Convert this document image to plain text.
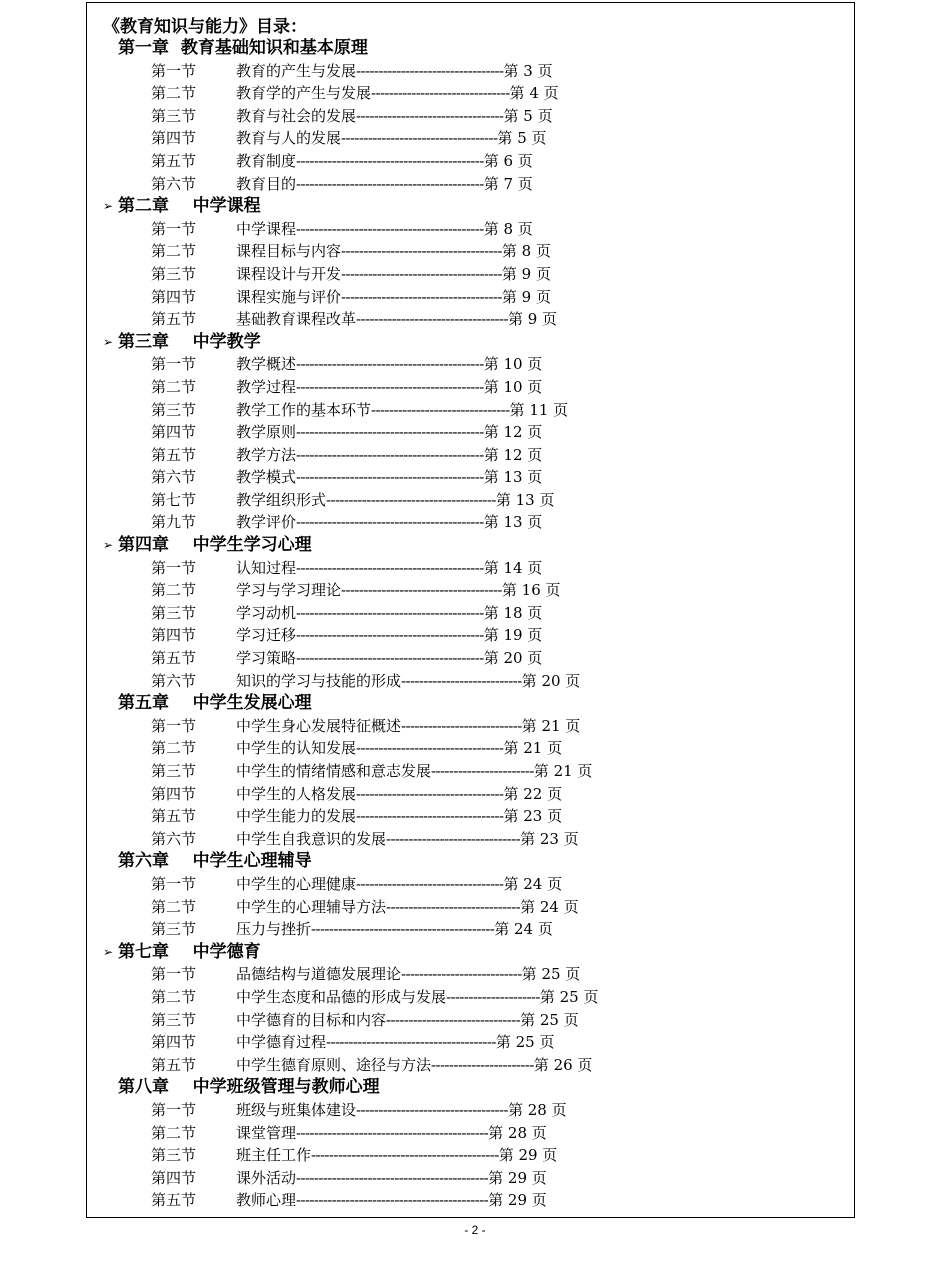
《教育知识与能力》目录：
第一章  教育基础知识和基本原理
第一节	教育的产生与发展---------------------------------第 3 页
第二节	教育学的产生与发展-------------------------------第 4 页
第三节	教育与社会的发展---------------------------------第 5 页
第四节	教育与人的发展-----------------------------------第 5 页
第五节	教育制度------------------------------------------第 6 页
第六节	教育目的------------------------------------------第 7 页
➢ 第二章    中学课程
第一节	中学课程------------------------------------------第 8 页
第二节	课程目标与内容------------------------------------第 8 页
第三节	课程设计与开发------------------------------------第 9 页
第四节	课程实施与评价------------------------------------第 9 页
第五节	基础教育课程改革----------------------------------第 9 页
➢ 第三章    中学教学
第一节	教学概述------------------------------------------第 10 页
第二节	教学过程------------------------------------------第 10 页
第三节	教学工作的基本环节-------------------------------第 11 页
第四节	教学原则------------------------------------------第 12 页
第五节	教学方法------------------------------------------第 12 页
第六节	教学模式------------------------------------------第 13 页
第七节	教学组织形式--------------------------------------第 13 页
第九节	教学评价------------------------------------------第 13 页
➢ 第四章    中学生学习心理
第一节	认知过程------------------------------------------第 14 页
第二节	学习与学习理论------------------------------------第 16 页
第三节	学习动机------------------------------------------第 18 页
第四节	学习迁移------------------------------------------第 19 页
第五节	学习策略------------------------------------------第 20 页
第六节	知识的学习与技能的形成---------------------------第 20 页
第五章    中学生发展心理
第一节	中学生身心发展特征概述---------------------------第 21 页
第二节	中学生的认知发展---------------------------------第 21 页
第三节	中学生的情绪情感和意志发展-----------------------第 21 页
第四节	中学生的人格发展---------------------------------第 22 页
第五节	中学生能力的发展---------------------------------第 23 页
第六节	中学生自我意识的发展------------------------------第 23 页
第六章    中学生心理辅导
第一节	中学生的心理健康---------------------------------第 24 页
第二节	中学生的心理辅导方法------------------------------第 24 页
第三节	压力与挫折-----------------------------------------第 24 页
➢ 第七章    中学德育
第一节	品德结构与道德发展理论---------------------------第 25 页
第二节	中学生态度和品德的形成与发展---------------------第 25 页
第三节	中学德育的目标和内容------------------------------第 25 页
第四节	中学德育过程--------------------------------------第 25 页
第五节	中学生德育原则、途径与方法-----------------------第 26 页
第八章    中学班级管理与教师心理
第一节	班级与班集体建设----------------------------------第 28 页
第二节	课堂管理-------------------------------------------第 28 页
第三节	班主任工作------------------------------------------第 29 页
第四节	课外活动-------------------------------------------第 29 页
第五节	教师心理-------------------------------------------第 29 页
- 2 -
